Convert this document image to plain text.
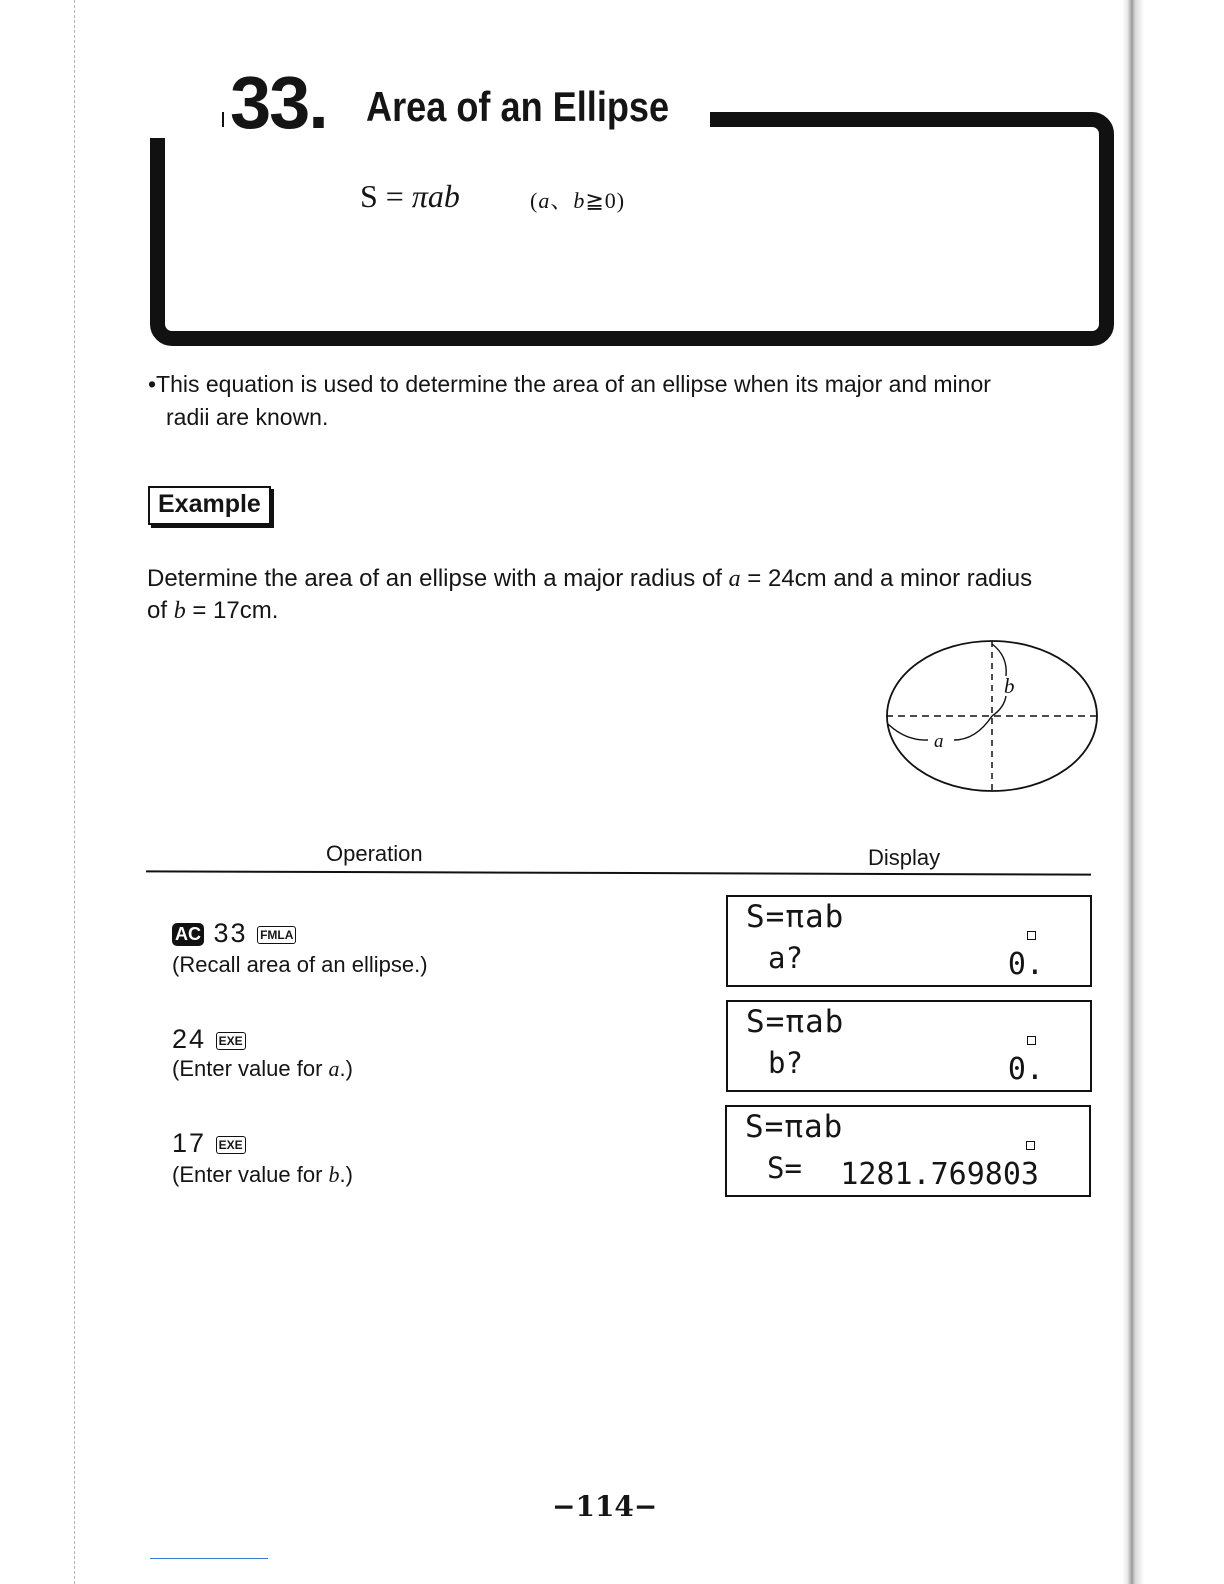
33. Area of an Ellipse
S = πab	(a、b≧0)
•This equation is used to determine the area of an ellipse when its major and minor
radii are known.
Example
Determine the area of an ellipse with a major radius of a = 24cm and a minor radius
of b = 17cm.
a
b
Operation	Display
AC 33 FMLA
(Recall area of an ellipse.)
S=πab
a?	0.
24 EXE
(Enter value for a.)
S=πab
b?	0.
17 EXE
(Enter value for b.)
S=πab
S= 1281.769803
−114−
